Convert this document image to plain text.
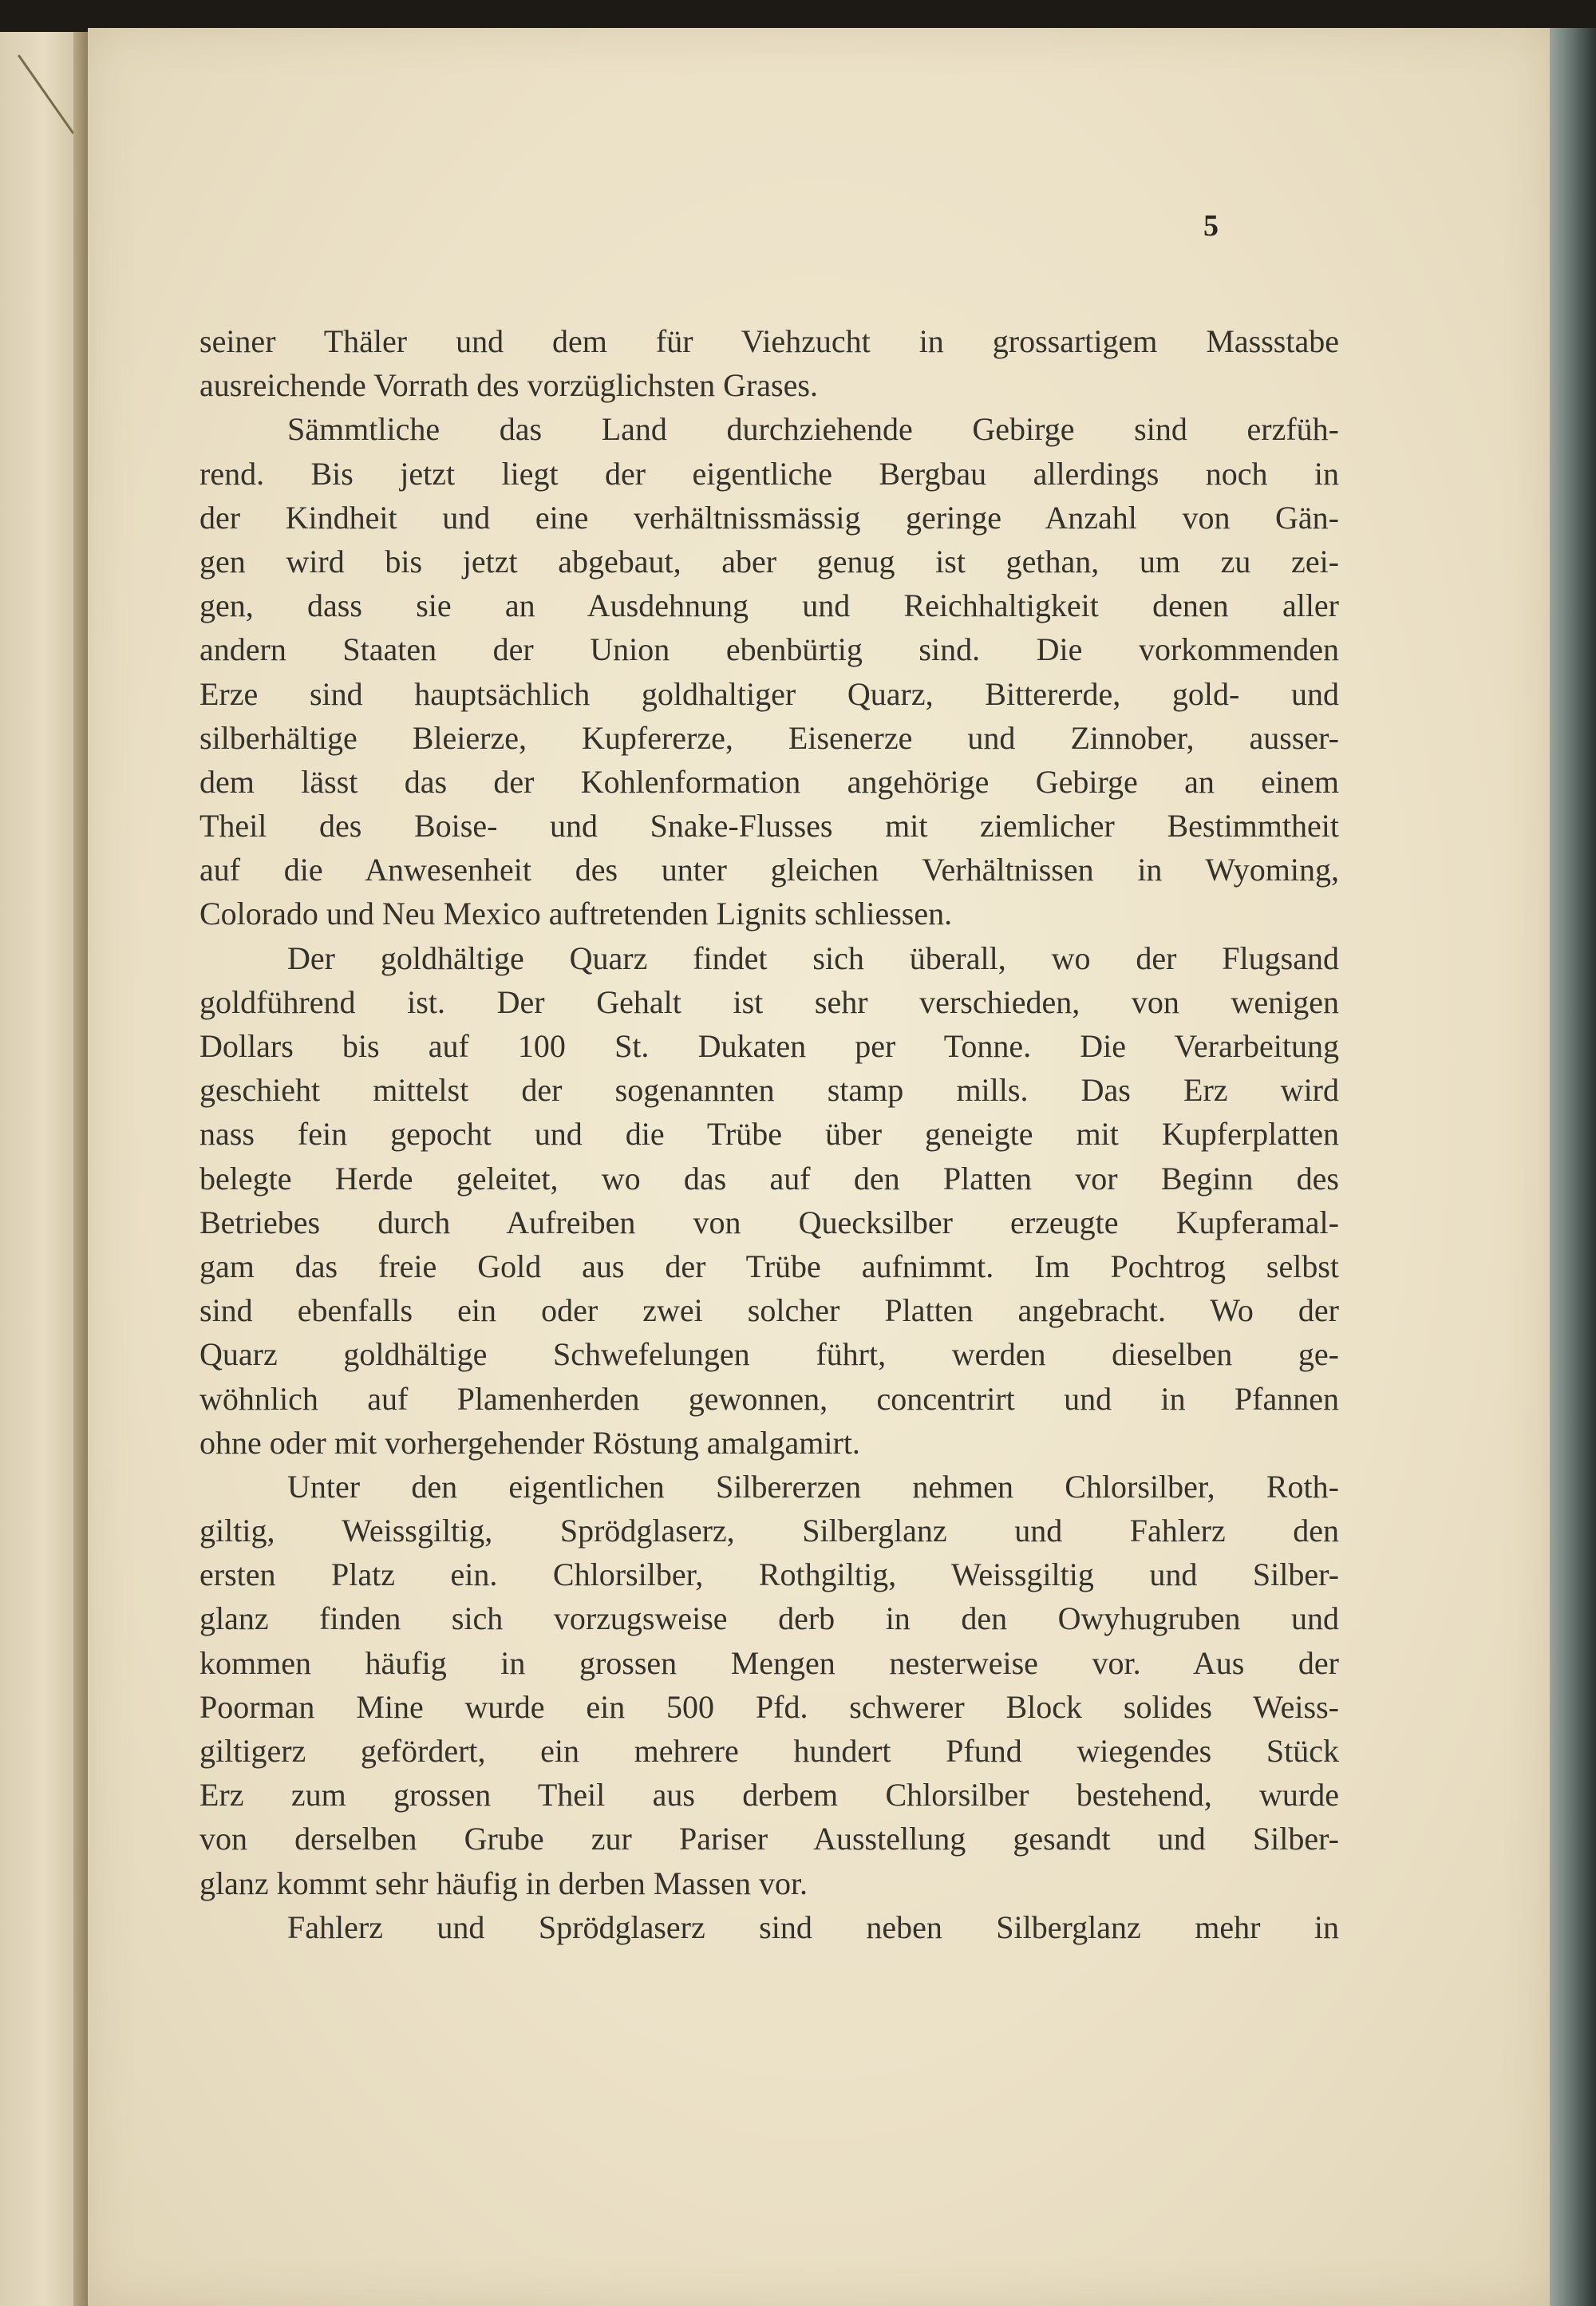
5
seiner Thäler und dem für Viehzucht in grossartigem Massstabe
ausreichende Vorrath des vorzüglichsten Grases.
Sämmtliche das Land durchziehende Gebirge sind erzfüh-
rend. Bis jetzt liegt der eigentliche Bergbau allerdings noch in
der Kindheit und eine verhältnissmässig geringe Anzahl von Gän-
gen wird bis jetzt abgebaut, aber genug ist gethan, um zu zei-
gen, dass sie an Ausdehnung und Reichhaltigkeit denen aller
andern Staaten der Union ebenbürtig sind. Die vorkommenden
Erze sind hauptsächlich goldhaltiger Quarz, Bittererde, gold- und
silberhältige Bleierze, Kupfererze, Eisenerze und Zinnober, ausser-
dem lässt das der Kohlenformation angehörige Gebirge an einem
Theil des Boise- und Snake-Flusses mit ziemlicher Bestimmtheit
auf die Anwesenheit des unter gleichen Verhältnissen in Wyoming,
Colorado und Neu Mexico auftretenden Lignits schliessen.
Der goldhältige Quarz findet sich überall, wo der Flugsand
goldführend ist. Der Gehalt ist sehr verschieden, von wenigen
Dollars bis auf 100 St. Dukaten per Tonne. Die Verarbeitung
geschieht mittelst der sogenannten stamp mills. Das Erz wird
nass fein gepocht und die Trübe über geneigte mit Kupferplatten
belegte Herde geleitet, wo das auf den Platten vor Beginn des
Betriebes durch Aufreiben von Quecksilber erzeugte Kupferamal-
gam das freie Gold aus der Trübe aufnimmt. Im Pochtrog selbst
sind ebenfalls ein oder zwei solcher Platten angebracht. Wo der
Quarz goldhältige Schwefelungen führt, werden dieselben ge-
wöhnlich auf Plamenherden gewonnen, concentrirt und in Pfannen
ohne oder mit vorhergehender Röstung amalgamirt.
Unter den eigentlichen Silbererzen nehmen Chlorsilber, Roth-
giltig, Weissgiltig, Sprödglaserz, Silberglanz und Fahlerz den
ersten Platz ein. Chlorsilber, Rothgiltig, Weissgiltig und Silber-
glanz finden sich vorzugsweise derb in den Owyhugruben und
kommen häufig in grossen Mengen nesterweise vor. Aus der
Poorman Mine wurde ein 500 Pfd. schwerer Block solides Weiss-
giltigerz gefördert, ein mehrere hundert Pfund wiegendes Stück
Erz zum grossen Theil aus derbem Chlorsilber bestehend, wurde
von derselben Grube zur Pariser Ausstellung gesandt und Silber-
glanz kommt sehr häufig in derben Massen vor.
Fahlerz und Sprödglaserz sind neben Silberglanz mehr in
